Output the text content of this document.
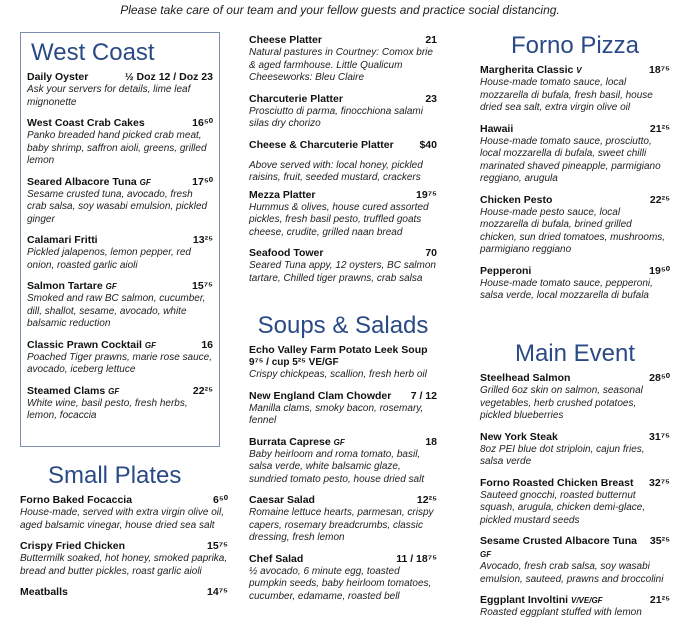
Please take care of our team and your fellow guests and practice social distancing.
West Coast
Daily Oyster	½ Doz 12 / Doz 23
Ask your servers for details, lime leaf mignonette
West Coast Crab Cakes	16⁵⁰
Panko breaded hand picked crab meat, baby shrimp, saffron aioli, greens, grilled lemon
Seared Albacore Tuna GF	17⁵⁰
Sesame crusted tuna, avocado, fresh crab salsa, soy wasabi emulsion, pickled ginger
Calamari Fritti	13²⁵
Pickled jalapenos, lemon pepper, red onion, roasted garlic aioli
Salmon Tartare GF	15⁷⁵
Smoked and raw BC salmon, cucumber, dill, shallot, sesame, avocado, white balsamic reduction
Classic Prawn Cocktail GF	16
Poached Tiger prawns, marie rose sauce, avocado, iceberg lettuce
Steamed Clams GF	22²⁵
White wine, basil pesto, fresh herbs, lemon, focaccia
Small Plates
Forno Baked Focaccia	6⁵⁰
House-made, served with extra virgin olive oil, aged balsamic vinegar, house dried sea salt
Crispy Fried Chicken	15⁷⁵
Buttermilk soaked, hot honey, smoked paprika, bread and butter pickles, roast garlic aioli
Meatballs	14⁷⁵
Cheese Platter	21
Natural pastures in Courtney: Comox brie & aged farmhouse. Little Qualicum Cheeseworks: Bleu Claire
Charcuterie Platter	23
Prosciutto di parma, finocchiona salami silas dry chorizo
Cheese & Charcuterie Platter $40
Above served with: local honey, pickled raisins, fruit, seeded mustard, crackers
Mezza Platter	19⁷⁵
Hummus & olives, house cured assorted pickles, fresh basil pesto, truffled goats cheese, crudite, grilled naan bread
Seafood Tower	70
Seared Tuna appy, 12 oysters, BC salmon tartare, Chilled tiger prawns, crab salsa
Soups & Salads
Echo Valley Farm Potato Leek Soup
9⁷⁵ / cup 5²⁵ VE/GF
Crispy chickpeas, scallion, fresh herb oil
New England Clam Chowder 7 / 12
Manilla clams, smoky bacon, rosemary, fennel
Burrata Caprese GF	18
Baby heirloom and roma tomato, basil, salsa verde, white balsamic glaze, sundried tomato pesto, house dried salt
Caesar Salad	12²⁵
Romaine lettuce hearts, parmesan, crispy capers, rosemary breadcrumbs, classic dressing, fresh lemon
Chef Salad	11 / 18⁷⁵
½ avocado, 6 minute egg, toasted pumpkin seeds, baby heirloom tomatoes, cucumber, edamame, roasted bell
Forno Pizza
Margherita Classic V	18⁷⁵
House-made tomato sauce, local mozzarella di bufala, fresh basil, house dried sea salt, extra virgin olive oil
Hawaii	21²⁵
House-made tomato sauce, prosciutto, local mozzarella di bufala, sweet chilli marinated shaved pineapple, parmigiano reggiano, arugula
Chicken Pesto	22²⁵
House-made pesto sauce, local mozzarella di bufala, brined grilled chicken, sun dried tomatoes, mushrooms, parmigiano reggiano
Pepperoni	19⁵⁰
House-made tomato sauce, pepperoni, salsa verde, local mozzarella di bufala
Main Event
Steelhead Salmon	28⁵⁰
Grilled 6oz skin on salmon, seasonal vegetables, herb crushed potatoes, pickled blueberries
New York Steak	31⁷⁵
8oz PEI blue dot striploin, cajun fries, salsa verde
Forno Roasted Chicken Breast 32⁷⁵
Sauteed gnocchi, roasted butternut squash, arugula, chicken demi-glace, pickled mustard seeds
Sesame Crusted Albacore Tuna GF
35²⁵
Avocado, fresh crab salsa, soy wasabi emulsion, sauteed, prawns and broccolini
Eggplant Involtini V/VE/GF	21²⁵
Roasted eggplant stuffed with lemon
